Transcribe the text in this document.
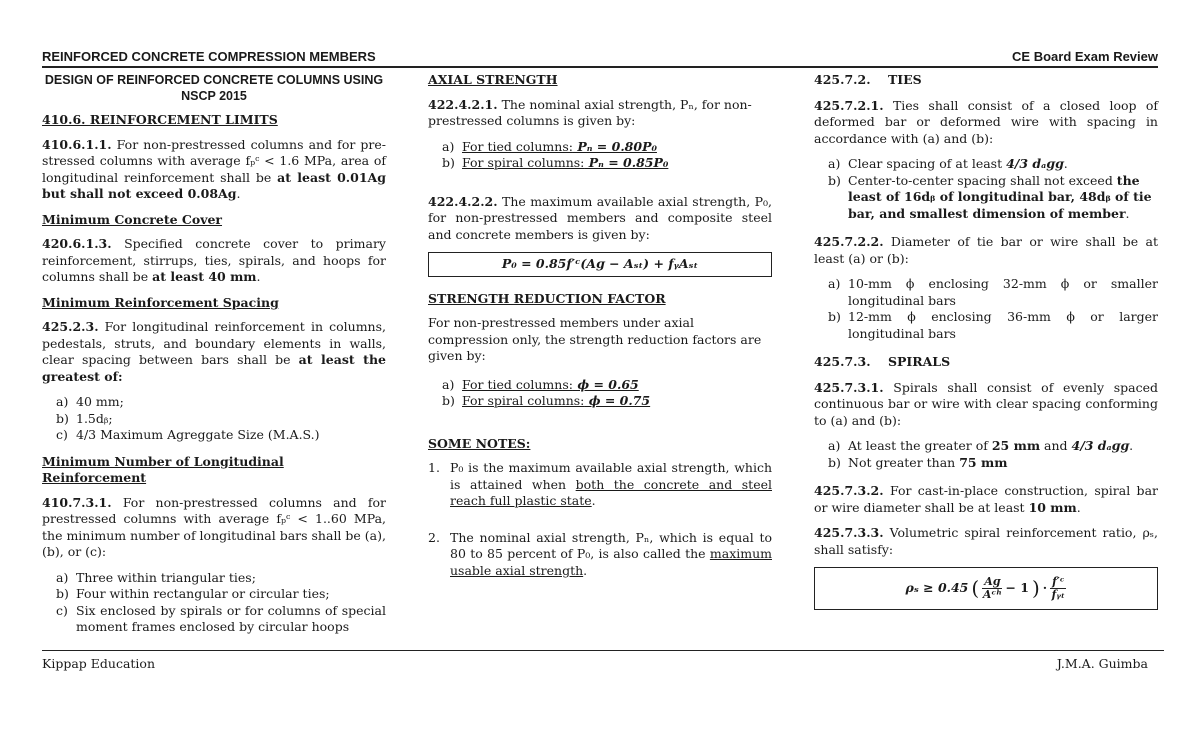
REINFORCED CONCRETE COMPRESSION MEMBERS	CE Board Exam Review
DESIGN OF REINFORCED CONCRETE COLUMNS USING NSCP 2015
410.6. REINFORCEMENT LIMITS

410.6.1.1. For non-prestressed columns and for pre-stressed columns with average fₚᶜ < 1.6 MPa, area of longitudinal reinforcement shall be at least 0.01Aɡ but shall not exceed 0.08Aɡ.

Minimum Concrete Cover

420.6.1.3. Specified concrete cover to primary reinforcement, stirrups, ties, spirals, and hoops for columns shall be at least 40 mm.

Minimum Reinforcement Spacing

425.2.3. For longitudinal reinforcement in columns, pedestals, struts, and boundary elements in walls, clear spacing between bars shall be at least the greatest of:

a) 40 mm;
b) 1.5dᵦ;
c) 4/3 Maximum Agreggate Size (M.A.S.)
Minimum Number of Longitudinal Reinforcement

410.7.3.1. For non-prestressed columns and for prestressed columns with average fₚᶜ < 1..60 MPa, the minimum number of longitudinal bars shall be (a), (b), or (c):

a) Three within triangular ties;
b) Four within rectangular or circular ties;
c) Six enclosed by spirals or for columns of special moment frames enclosed by circular hoops
AXIAL STRENGTH

422.4.2.1. The nominal axial strength, Pₙ, for non-prestressed columns is given by:

a) For tied columns: Pₙ = 0.80P₀
b) For spiral columns: Pₙ = 0.85P₀

422.4.2.2. The maximum available axial strength, P₀, for non-prestressed members and composite steel and concrete members is given by:

P₀ = 0.85f′ᶜ(Aɡ − Aₛₜ) + fᵧAₛₜ
STRENGTH REDUCTION FACTOR

For non-prestressed members under axial compression only, the strength reduction factors are given by:

a) For tied columns: ϕ = 0.65
b) For spiral columns: ϕ = 0.75
SOME NOTES:
1. P₀ is the maximum available axial strength, which is attained when both the concrete and steel reach full plastic state.
2. The nominal axial strength, Pₙ, which is equal to 80 to 85 percent of P₀, is also called the maximum usable axial strength.
425.7.2.    TIES

425.7.2.1. Ties shall consist of a closed loop of deformed bar or deformed wire with spacing in accordance with (a) and (b):

a) Clear spacing of at least 4/3 dₐɡɡ.
b) Center-to-center spacing shall not exceed the least of 16dᵦ of longitudinal bar, 48dᵦ of tie bar, and smallest dimension of member.

425.7.2.2. Diameter of tie bar or wire shall be at least (a) or (b):

a) 10-mm ϕ enclosing 32-mm ϕ or smaller longitudinal bars
b) 12-mm ϕ enclosing 36-mm ϕ or larger longitudinal bars
425.7.3.    SPIRALS

425.7.3.1. Spirals shall consist of evenly spaced continuous bar or wire with clear spacing conforming to (a) and (b):

a) At least the greater of 25 mm and 4/3 dₐɡɡ.
b) Not greater than 75 mm

425.7.3.2. For cast-in-place construction, spiral bar or wire diameter shall be at least 10 mm.

425.7.3.3. Volumetric spiral reinforcement ratio, ρₛ, shall satisfy:

ρₛ ≥ 0.45 ( Aɡ
Aᶜʰ − 1 ) · f′ᶜ
fᵧₜ
Kippap Education	J.M.A. Guimba
